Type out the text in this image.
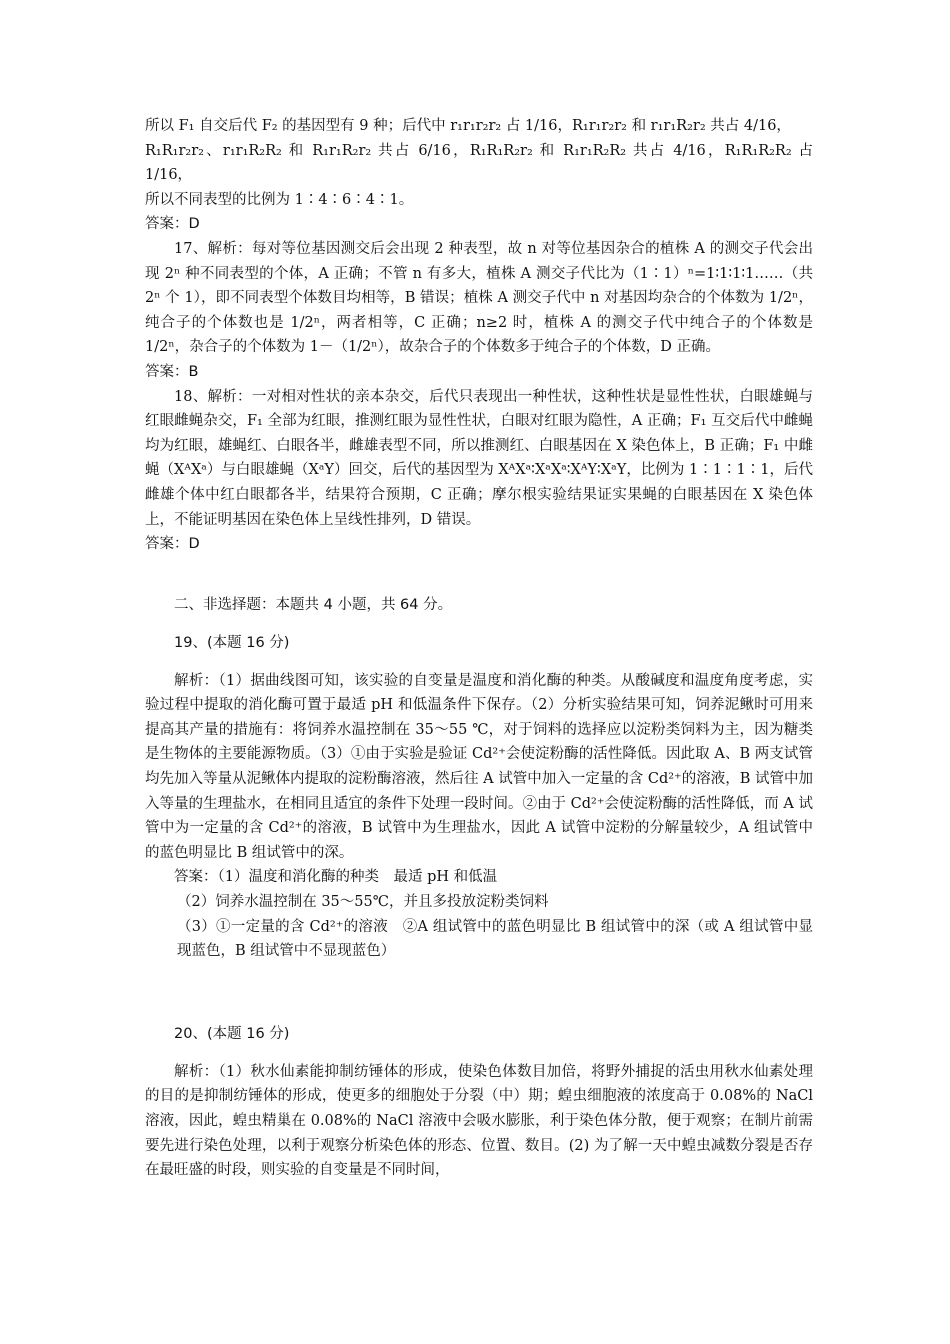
所以 F₁ 自交后代 F₂ 的基因型有 9 种；后代中 r₁r₁r₂r₂ 占 1/16，R₁r₁r₂r₂ 和 r₁r₁R₂r₂ 共占 4/16，

R₁R₁r₂r₂、r₁r₁R₂R₂ 和 R₁r₁R₂r₂ 共占 6/16，R₁R₁R₂r₂ 和 R₁r₁R₂R₂ 共占 4/16，R₁R₁R₂R₂ 占 1/16，

所以不同表型的比例为 1∶4∶6∶4∶1。

答案：D

17、解析：每对等位基因测交后会出现 2 种表型，故 n 对等位基因杂合的植株 A 的测交子代会出现 2ⁿ 种不同表型的个体，A 正确；不管 n 有多大，植株 A 测交子代比为（1∶1）ⁿ=1∶1∶1∶1……（共 2ⁿ 个 1），即不同表型个体数目均相等，B 错误；植株 A 测交子代中 n 对基因均杂合的个体数为 1/2ⁿ，纯合子的个体数也是 1/2ⁿ，两者相等，C 正确；n≥2 时，植株 A 的测交子代中纯合子的个体数是 1/2ⁿ，杂合子的个体数为 1－（1/2ⁿ），故杂合子的个体数多于纯合子的个体数，D 正确。

答案：B

18、解析：一对相对性状的亲本杂交，后代只表现出一种性状，这种性状是显性性状，白眼雄蝇与红眼雌蝇杂交，F₁ 全部为红眼，推测红眼为显性性状，白眼对红眼为隐性，A 正确；F₁ 互交后代中雌蝇均为红眼，雄蝇红、白眼各半，雌雄表型不同，所以推测红、白眼基因在 X 染色体上，B 正确；F₁ 中雌蝇（XᴬXᵃ）与白眼雄蝇（XᵃY）回交，后代的基因型为 XᴬXᵃ∶XᵃXᵃ∶XᴬY∶XᵃY，比例为 1∶1∶1∶1，后代雌雄个体中红白眼都各半，结果符合预期，C 正确；摩尔根实验结果证实果蝇的白眼基因在 X 染色体上，不能证明基因在染色体上呈线性排列，D 错误。

答案：D

二、非选择题：本题共 4 小题，共 64 分。

19、(本题 16 分)

解析：（1）据曲线图可知，该实验的自变量是温度和消化酶的种类。从酸碱度和温度角度考虑，实验过程中提取的消化酶可置于最适 pH 和低温条件下保存。（2）分析实验结果可知，饲养泥鳅时可用来提高其产量的措施有：将饲养水温控制在 35～55 ℃，对于饲料的选择应以淀粉类饲料为主，因为糖类是生物体的主要能源物质。（3）①由于实验是验证 Cd²⁺会使淀粉酶的活性降低。因此取 A、B 两支试管均先加入等量从泥鳅体内提取的淀粉酶溶液，然后往 A 试管中加入一定量的含 Cd²⁺的溶液，B 试管中加入等量的生理盐水，在相同且适宜的条件下处理一段时间。②由于 Cd²⁺会使淀粉酶的活性降低，而 A 试管中为一定量的含 Cd²⁺的溶液，B 试管中为生理盐水，因此 A 试管中淀粉的分解量较少，A 组试管中的蓝色明显比 B 组试管中的深。

答案：（1）温度和消化酶的种类　最适 pH 和低温

（2）饲养水温控制在 35～55℃，并且多投放淀粉类饲料

（3）①一定量的含 Cd²⁺的溶液　②A 组试管中的蓝色明显比 B 组试管中的深（或 A 组试管中显现蓝色，B 组试管中不显现蓝色）

20、(本题 16 分)

解析：（1）秋水仙素能抑制纺锤体的形成，使染色体数目加倍，将野外捕捉的活虫用秋水仙素处理的目的是抑制纺锤体的形成，使更多的细胞处于分裂（中）期；蝗虫细胞液的浓度高于 0.08%的 NaCl 溶液，因此，蝗虫精巢在 0.08%的 NaCl 溶液中会吸水膨胀，利于染色体分散，便于观察；在制片前需要先进行染色处理，以利于观察分析染色体的形态、位置、数目。(2) 为了解一天中蝗虫减数分裂是否存在最旺盛的时段，则实验的自变量是不同时间，
